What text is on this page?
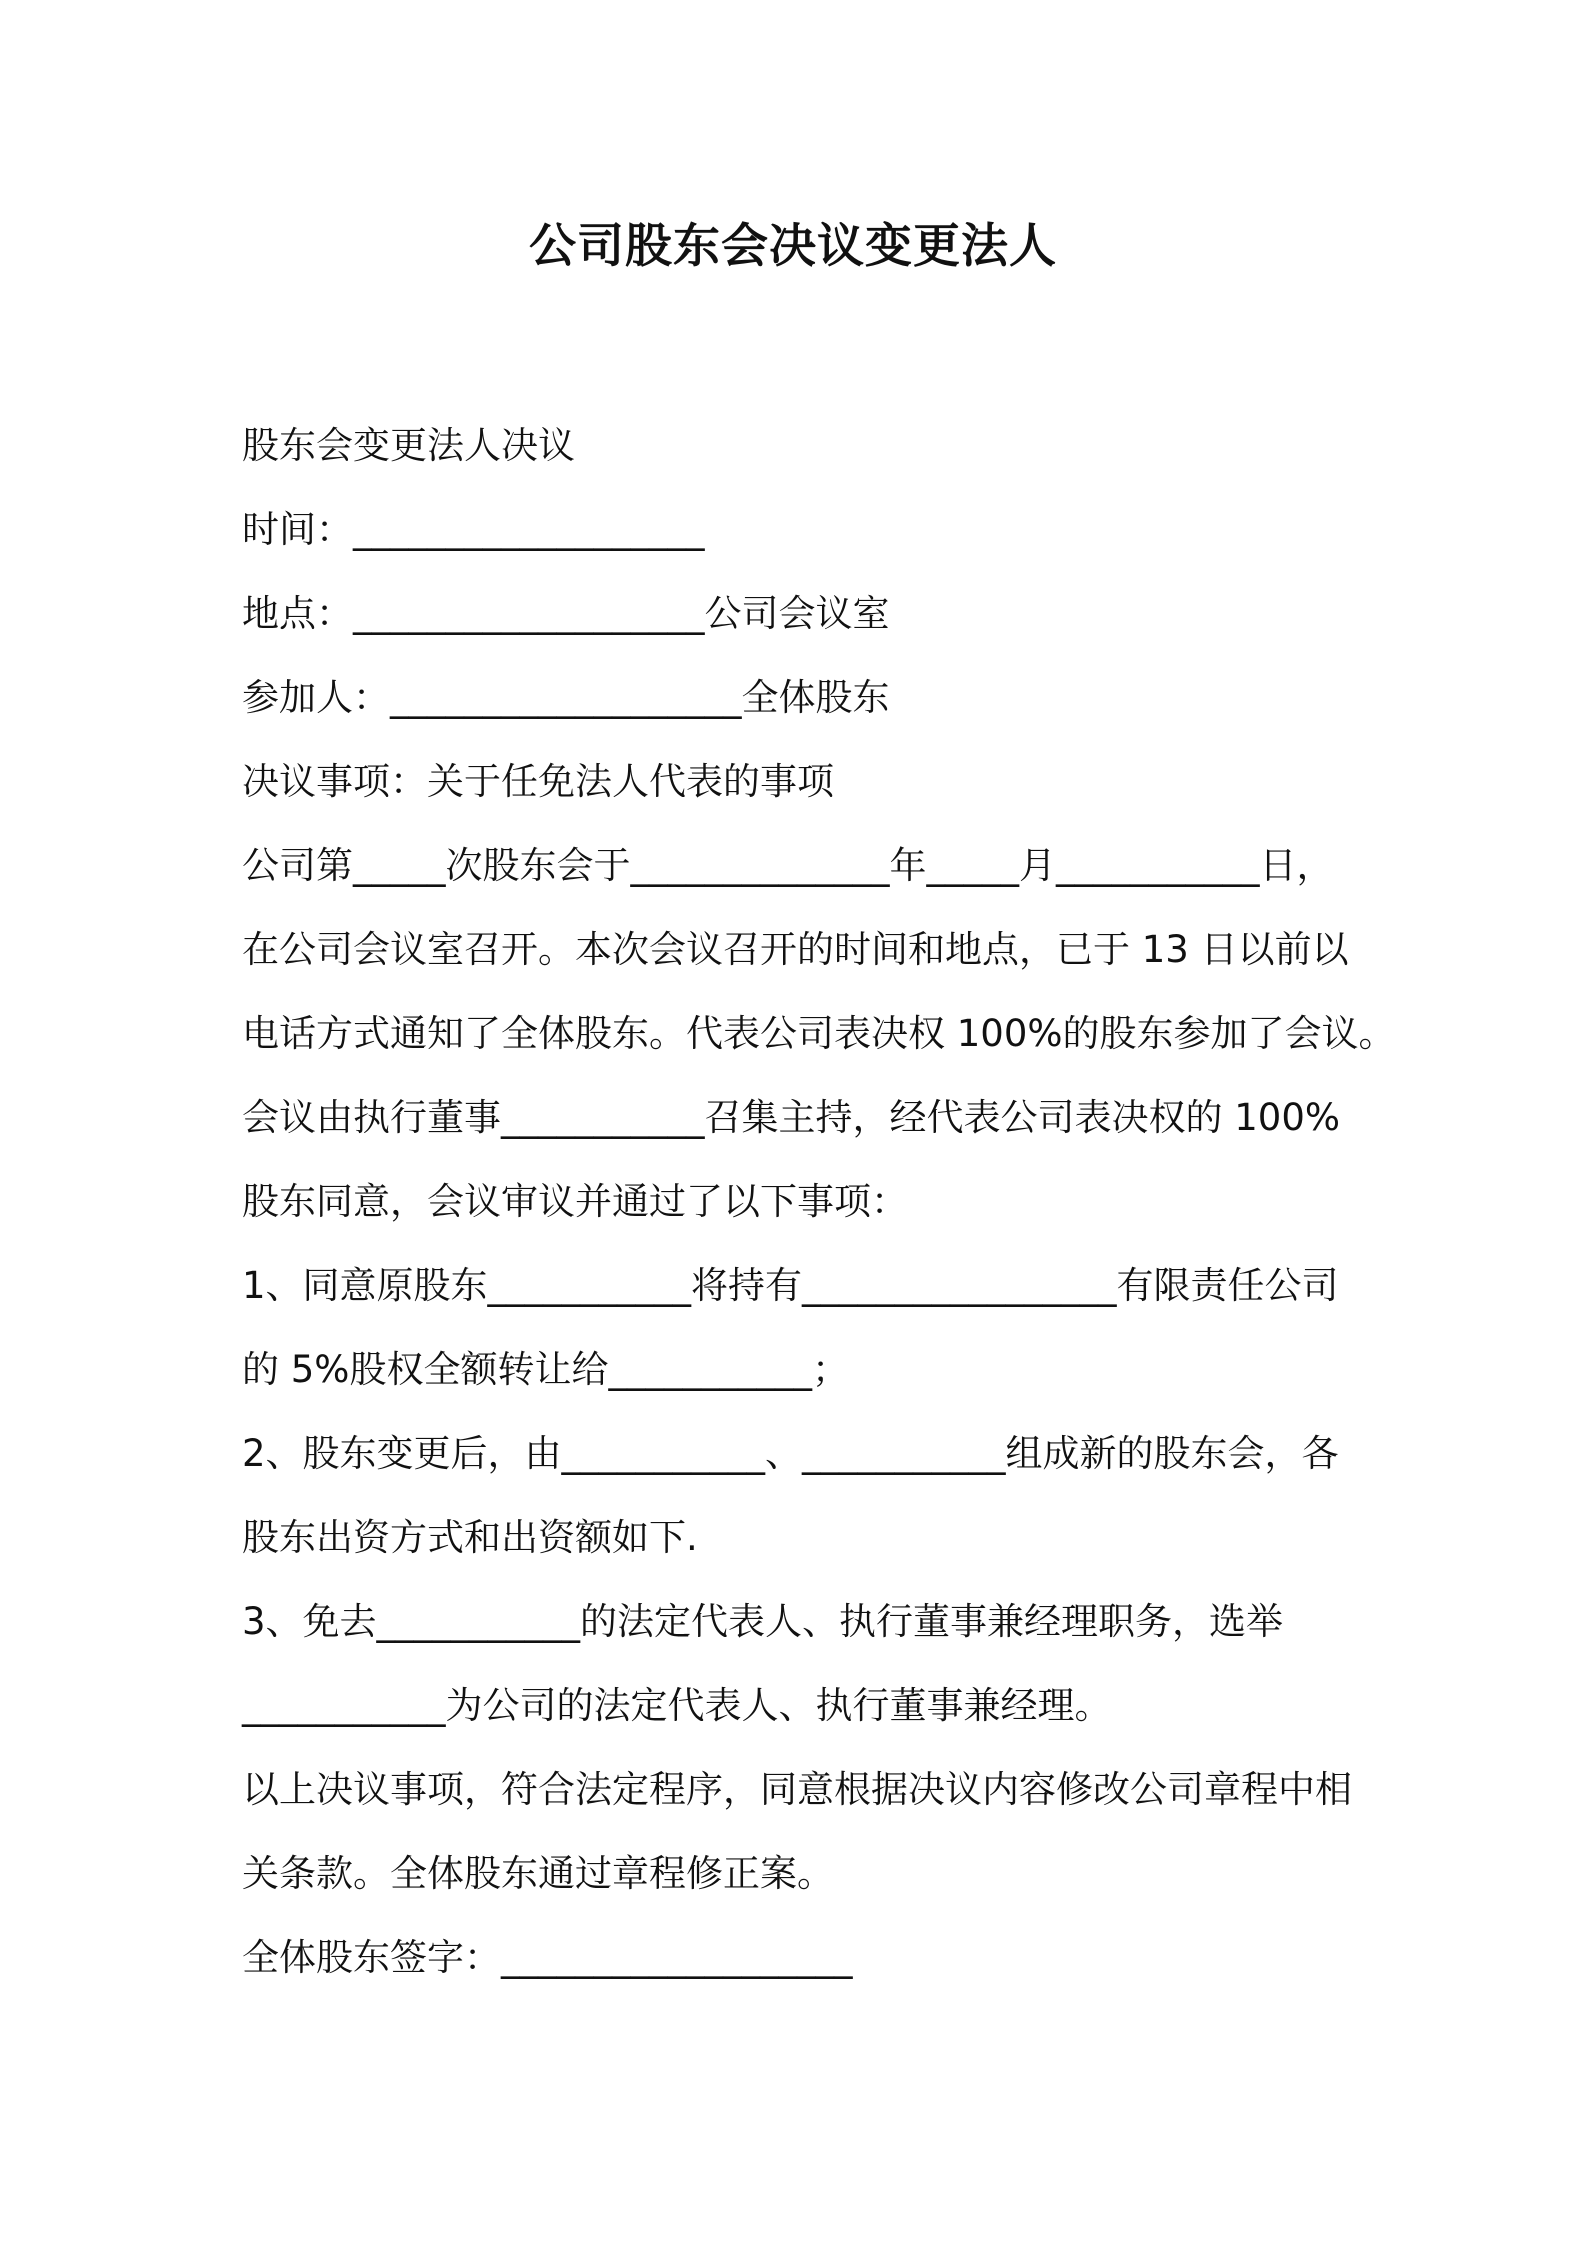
公司股东会决议变更法人

股东会变更法人决议

时间：___________________

地点：___________________公司会议室

参加人：___________________全体股东

决议事项：关于任免法人代表的事项

公司第_____次股东会于______________年_____月___________日，

在公司会议室召开。本次会议召开的时间和地点，已于 13 日以前以

电话方式通知了全体股东。代表公司表决权 100%的股东参加了会议。

会议由执行董事___________召集主持，经代表公司表决权的 100%

股东同意，会议审议并通过了以下事项：

1、同意原股东___________将持有_________________有限责任公司

的 5%股权全额转让给___________；

2、股东变更后，由___________、___________组成新的股东会，各

股东出资方式和出资额如下.

3、免去___________的法定代表人、执行董事兼经理职务，选举

___________为公司的法定代表人、执行董事兼经理。

以上决议事项，符合法定程序，同意根据决议内容修改公司章程中相

关条款。全体股东通过章程修正案。

全体股东签字：___________________
